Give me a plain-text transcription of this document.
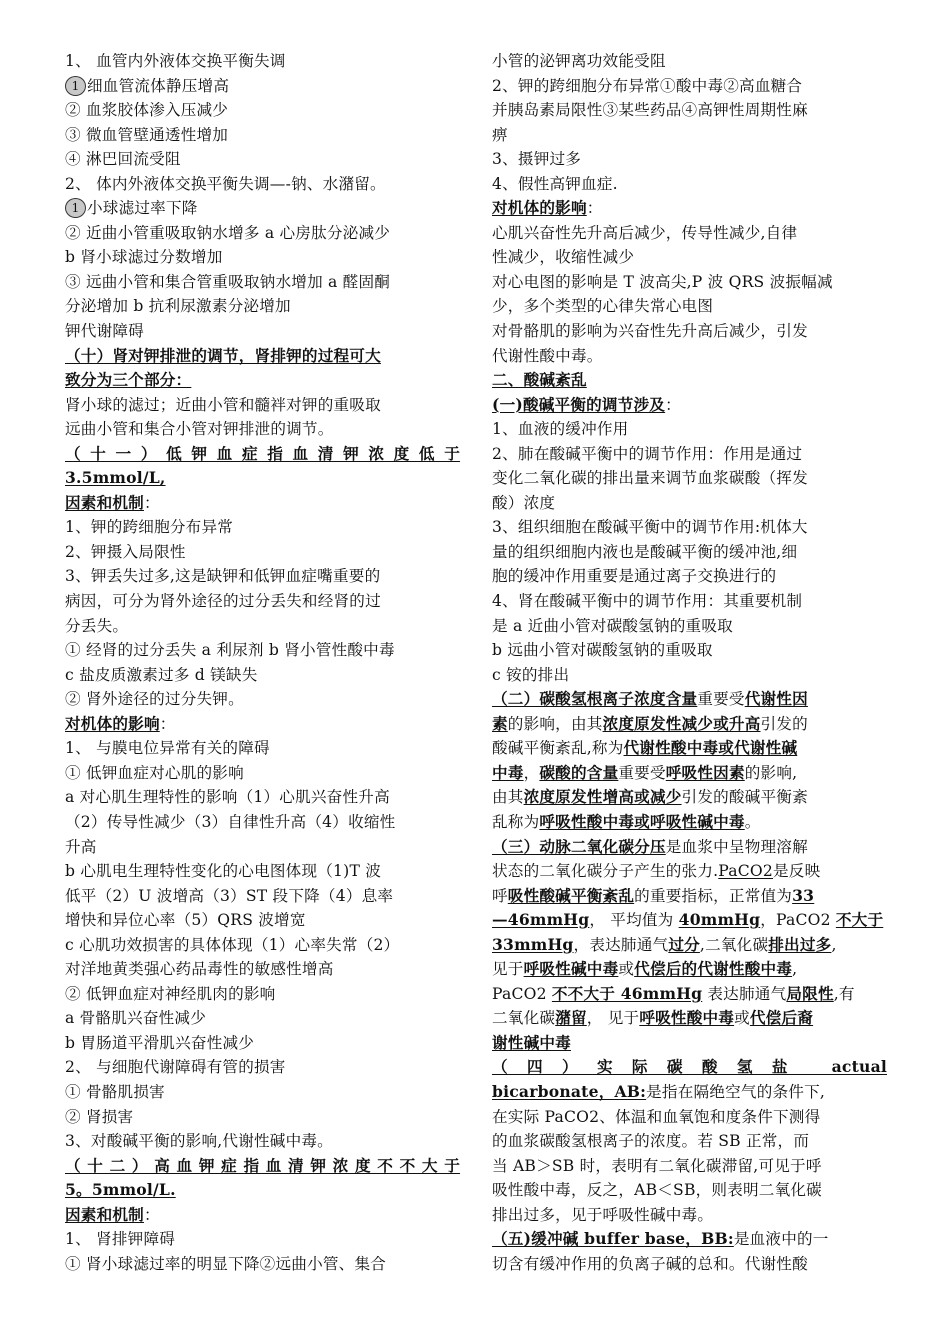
1、 血管内外液体交换平衡失调
1 细血管流体静压增高
② 血浆胶体渗入压减少
③ 微血管壁通透性增加
④ 淋巴回流受阻
2、 体内外液体交换平衡失调—-钠、水潴留。
1 小球滤过率下降
② 近曲小管重吸取钠水增多 a 心房肽分泌减少
b 肾小球滤过分数增加
③ 远曲小管和集合管重吸取钠水增加 a 醛固酮
分泌增加 b 抗利尿激素分泌增加
钾代谢障碍
（十）肾对钾排泄的调节，肾排钾的过程可大
致分为三个部分：
肾小球的滤过；近曲小管和髓袢对钾的重吸取
远曲小管和集合小管对钾排泄的调节。
（十一）低钾血症指血清钾浓度低于
3.5mmol/L,
因素和机制：
1、钾的跨细胞分布异常
2、钾摄入局限性
3、钾丢失过多,这是缺钾和低钾血症嘴重要的
病因，可分为肾外途径的过分丢失和经肾的过
分丢失。
① 经肾的过分丢失 a 利尿剂 b 肾小管性酸中毒
c 盐皮质激素过多 d 镁缺失
② 肾外途径的过分失钾。
对机体的影响：
1、 与膜电位异常有关的障碍
① 低钾血症对心肌的影响
a 对心肌生理特性的影响（1）心肌兴奋性升高
（2）传导性减少（3）自律性升高（4）收缩性
升高
b 心肌电生理特性变化的心电图体现（1)T 波
低平（2）U 波增高（3）ST 段下降（4）息率
增快和异位心率（5）QRS 波增宽
c 心肌功效损害的具体体现（1）心率失常（2）
对洋地黄类强心药品毒性的敏感性增高
② 低钾血症对神经肌肉的影响
a 骨骼肌兴奋性减少
b 胃肠道平滑肌兴奋性减少
2、 与细胞代谢障碍有管的损害
① 骨骼肌损害
② 肾损害
3、对酸碱平衡的影响,代谢性碱中毒。
（十二）高血钾症指血清钾浓度不不大于
5。5mmol/L.
因素和机制：
1、 肾排钾障碍
① 肾小球滤过率的明显下降②远曲小管、集合
小管的泌钾离功效能受阻
2、钾的跨细胞分布异常①酸中毒②高血糖合
并胰岛素局限性③某些药品④高钾性周期性麻
痹
3、摄钾过多
4、假性高钾血症.
对机体的影响：
心肌兴奋性先升高后减少，传导性减少,自律
性减少，收缩性减少
对心电图的影响是 T 波高尖,P 波 QRS 波振幅减
少，多个类型的心律失常心电图
对骨骼肌的影响为兴奋性先升高后减少，引发
代谢性酸中毒。
二、酸碱紊乱
(一)酸碱平衡的调节涉及：
1、血液的缓冲作用
2、肺在酸碱平衡中的调节作用：作用是通过
变化二氧化碳的排出量来调节血浆碳酸（挥发
酸）浓度
3、组织细胞在酸碱平衡中的调节作用:机体大
量的组织细胞内液也是酸碱平衡的缓冲池,细
胞的缓冲作用重要是通过离子交换进行的
4、肾在酸碱平衡中的调节作用：其重要机制
是 a 近曲小管对碳酸氢钠的重吸取
b 远曲小管对碳酸氢钠的重吸取
c 铵的排出
（二）碳酸氢根离子浓度含量重要受代谢性因
素的影响，由其浓度原发性减少或升高引发的
酸碱平衡紊乱,称为代谢性酸中毒或代谢性碱
中毒，碳酸的含量重要受呼吸性因素的影响,
由其浓度原发性增高或减少引发的酸碱平衡紊
乱称为呼吸性酸中毒或呼吸性碱中毒。
（三）动脉二氧化碳分压是血浆中呈物理溶解
状态的二氧化碳分子产生的张力.PaCO2是反映
呼吸性酸碱平衡紊乱的重要指标，正常值为33
—46mmHg， 平均值为 40mmHg，PaCO2 不大于
33mmHg，表达肺通气过分,二氧化碳排出过多,
见于呼吸性碱中毒或代偿后的代谢性酸中毒,
PaCO2 不不大于 46mmHg 表达肺通气局限性,有
二氧化碳潴留， 见于呼吸性酸中毒或代偿后裔
谢性碱中毒
（四）实际碳酸氢盐 actual
bicarbonate，AB:是指在隔绝空气的条件下,
在实际 PaCO2、体温和血氧饱和度条件下测得
的血浆碳酸氢根离子的浓度。若 SB 正常，而
当 AB＞SB 时，表明有二氧化碳滞留,可见于呼
吸性酸中毒，反之，AB＜SB，则表明二氧化碳
排出过多，见于呼吸性碱中毒。
（五)缓冲碱 buffer base，BB:是血液中的一
切含有缓冲作用的负离子碱的总和。代谢性酸
